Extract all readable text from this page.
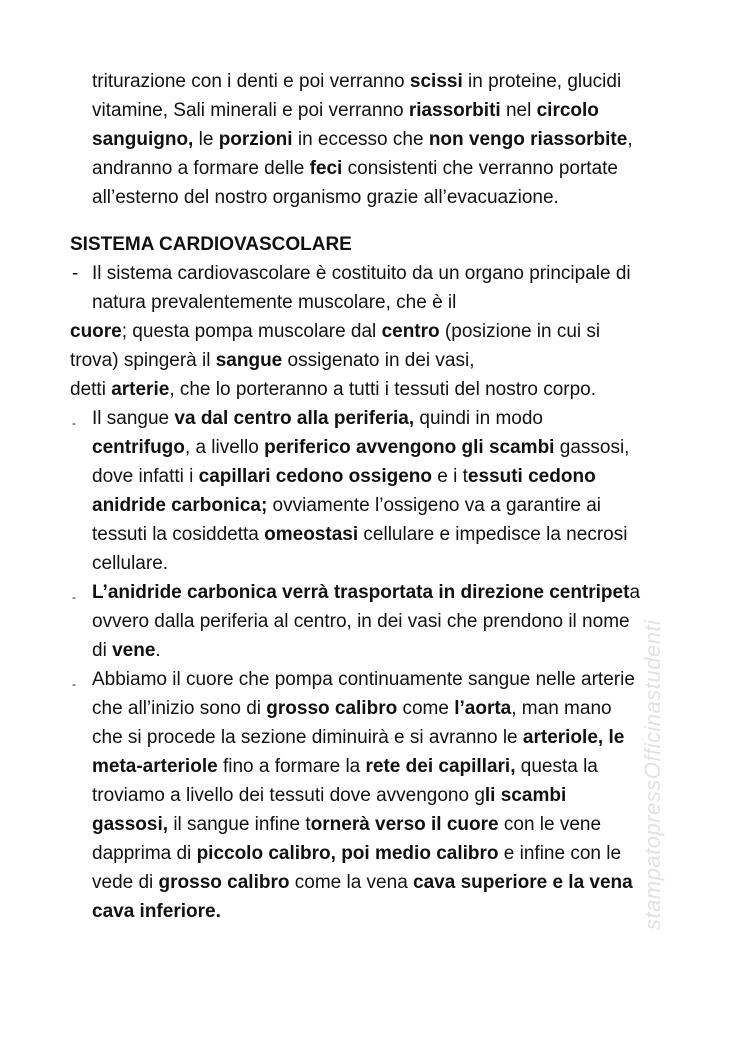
stampatopressOfficinastudenti
triturazione con i denti e poi verranno scissi in proteine, glucidi
vitamine, Sali minerali e poi verranno riassorbiti nel circolo
sanguigno, le porzioni in eccesso che non vengo riassorbite,
andranno a formare delle feci consistenti che verranno portate
all’esterno del nostro organismo grazie all’evacuazione.
SISTEMA CARDIOVASCOLARE
- Il sistema cardiovascolare è costituito da un organo principale di
natura prevalentemente muscolare, che è il
cuore; questa pompa muscolare dal centro (posizione in cui si
trova) spingerà il sangue ossigenato in dei vasi,
detti arterie, che lo porteranno a tutti i tessuti del nostro corpo.
- Il sangue va dal centro alla periferia, quindi in modo
centrifugo, a livello periferico avvengono gli scambi gassosi,
dove infatti i capillari cedono ossigeno e i tessuti cedono
anidride carbonica; ovviamente l’ossigeno va a garantire ai
tessuti la cosiddetta omeostasi cellulare e impedisce la necrosi
cellulare.
- L’anidride carbonica verrà trasportata in direzione centripeta
ovvero dalla periferia al centro, in dei vasi che prendono il nome
di vene.
- Abbiamo il cuore che pompa continuamente sangue nelle arterie
che all’inizio sono di grosso calibro come l’aorta, man mano
che si procede la sezione diminuirà e si avranno le arteriole, le
meta-arteriole fino a formare la rete dei capillari, questa la
troviamo a livello dei tessuti dove avvengono gli scambi
gassosi, il sangue infine tornerà verso il cuore con le vene
dapprima di piccolo calibro, poi medio calibro e infine con le
vede di grosso calibro come la vena cava superiore e la vena
cava inferiore.
